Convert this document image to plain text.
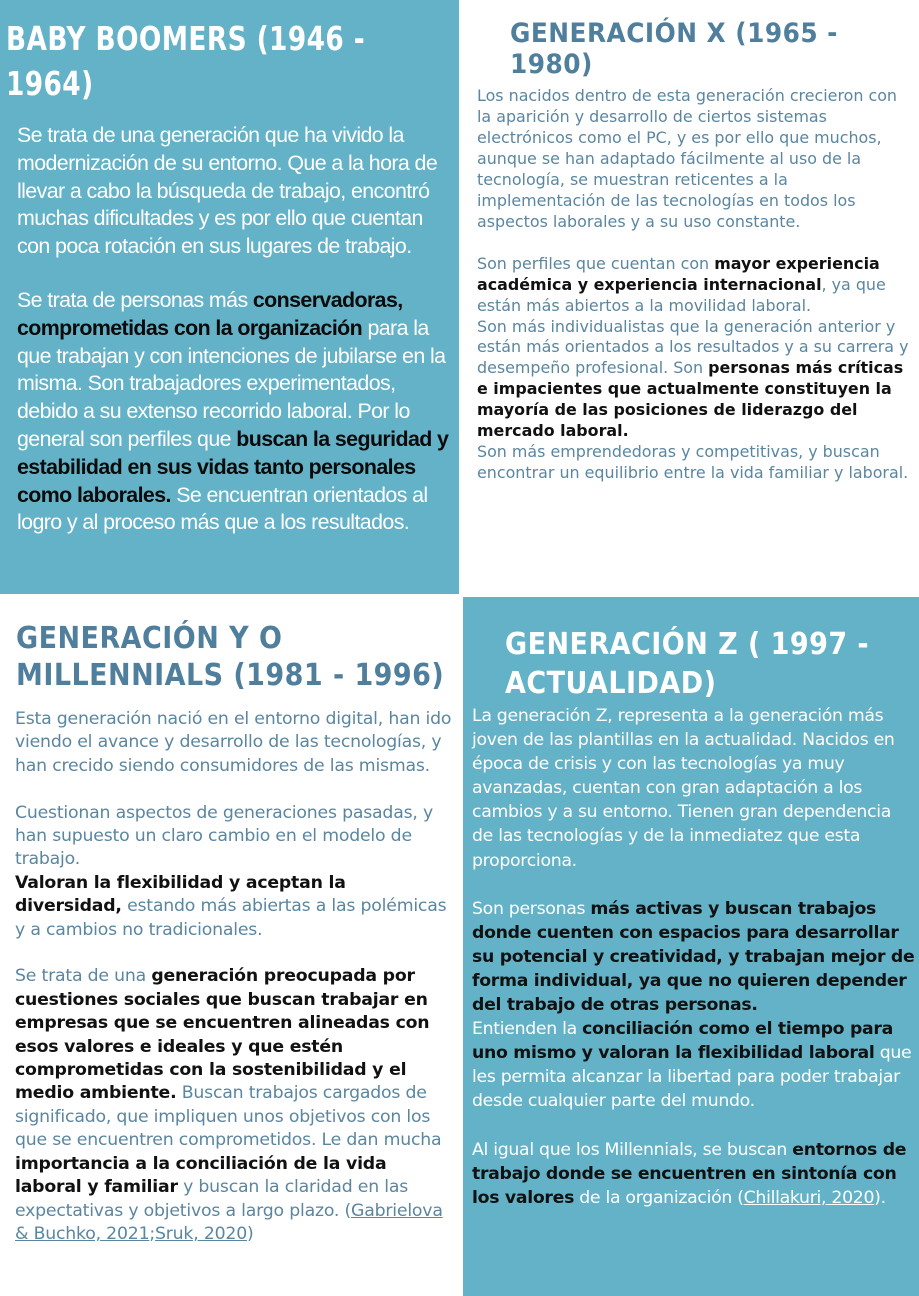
BABY BOOMERS (1946 -
1964)

Se trata de una generación que ha vivido la modernización de su entorno. Que a la hora de llevar a cabo la búsqueda de trabajo, encontró muchas dificultades y es por ello que cuentan con poca rotación en sus lugares de trabajo.

Se trata de personas más conservadoras, comprometidas con la organización para la que trabajan y con intenciones de jubilarse en la misma. Son trabajadores experimentados, debido a su extenso recorrido laboral. Por lo general son perfiles que buscan la seguridad y estabilidad en sus vidas tanto personales como laborales. Se encuentran orientados al logro y al proceso más que a los resultados.

GENERACIÓN X (1965 -
1980)

Los nacidos dentro de esta generación crecieron con la aparición y desarrollo de ciertos sistemas electrónicos como el PC, y es por ello que muchos, aunque se han adaptado fácilmente al uso de la tecnología, se muestran reticentes a la implementación de las tecnologías en todos los aspectos laborales y a su uso constante.

Son perfiles que cuentan con mayor experiencia académica y experiencia internacional, ya que están más abiertos a la movilidad laboral.

Son más individualistas que la generación anterior y están más orientados a los resultados y a su carrera y desempeño profesional. Son personas más críticas e impacientes que actualmente constituyen la mayoría de las posiciones de liderazgo del mercado laboral.

Son más emprendedoras y competitivas, y buscan encontrar un equilibrio entre la vida familiar y laboral.

GENERACIÓN Y O
MILLENNIALS (1981 - 1996)

Esta generación nació en el entorno digital, han ido viendo el avance y desarrollo de las tecnologías, y han crecido siendo consumidores de las mismas.

Cuestionan aspectos de generaciones pasadas, y han supuesto un claro cambio en el modelo de trabajo.

Valoran la flexibilidad y aceptan la diversidad, estando más abiertas a las polémicas y a cambios no tradicionales.

Se trata de una generación preocupada por cuestiones sociales que buscan trabajar en empresas que se encuentren alineadas con esos valores e ideales y que estén comprometidas con la sostenibilidad y el medio ambiente. Buscan trabajos cargados de significado, que impliquen unos objetivos con los que se encuentren comprometidos. Le dan mucha importancia a la conciliación de la vida laboral y familiar y buscan la claridad en las expectativas y objetivos a largo plazo. (Gabrielova & Buchko, 2021;Sruk, 2020)

GENERACIÓN Z ( 1997 -
ACTUALIDAD)

La generación Z, representa a la generación más joven de las plantillas en la actualidad. Nacidos en época de crisis y con las tecnologías ya muy avanzadas, cuentan con gran adaptación a los cambios y a su entorno. Tienen gran dependencia de las tecnologías y de la inmediatez que esta proporciona.

Son personas más activas y buscan trabajos donde cuenten con espacios para desarrollar su potencial y creatividad, y trabajan mejor de forma individual, ya que no quieren depender del trabajo de otras personas.

Entienden la conciliación como el tiempo para uno mismo y valoran la flexibilidad laboral que les permita alcanzar la libertad para poder trabajar desde cualquier parte del mundo.

Al igual que los Millennials, se buscan entornos de trabajo donde se encuentren en sintonía con los valores de la organización (Chillakuri, 2020).
